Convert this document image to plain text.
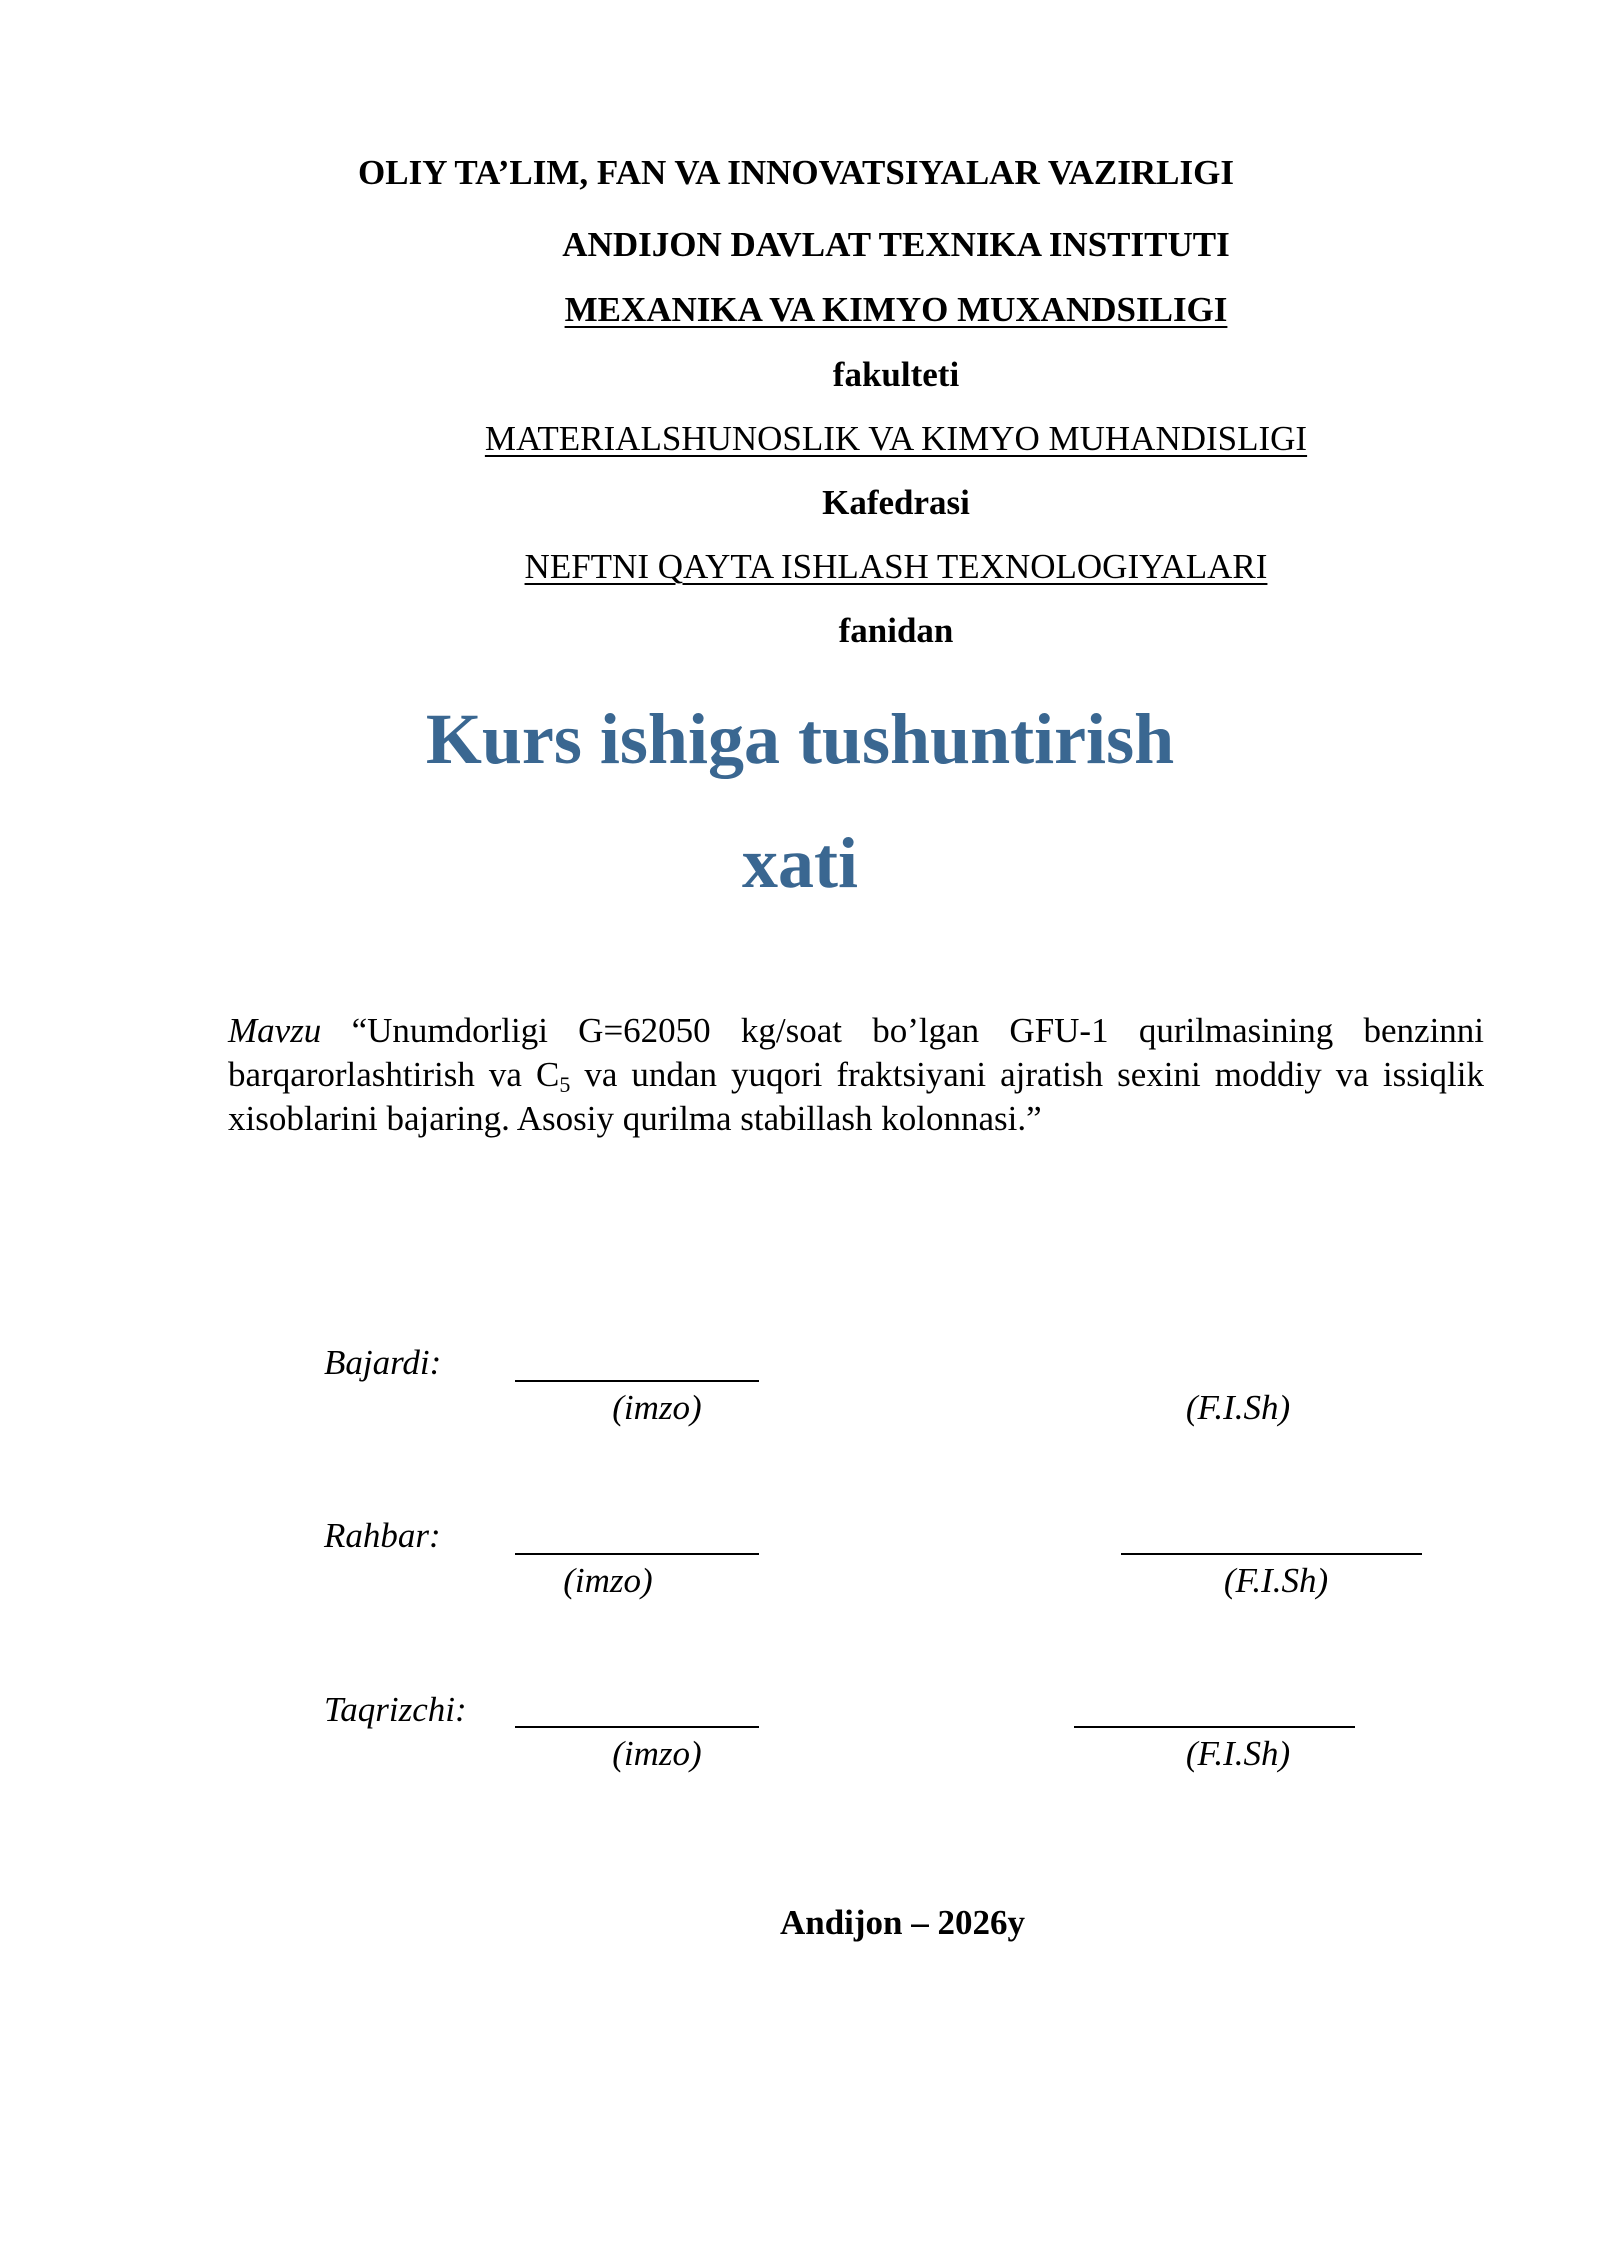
OLIY TA’LIM, FAN VA INNOVATSIYALAR VAZIRLIGI
ANDIJON DAVLAT TEXNIKA INSTITUTI
MEXANIKA VA KIMYO MUXANDSILIGI
fakulteti
MATERIALSHUNOSLIK VA KIMYO MUHANDISLIGI
Kafedrasi
NEFTNI QAYTA ISHLASH TEXNOLOGIYALARI
fanidan
Kurs ishiga tushuntirish
xati
Mavzu “Unumdorligi G=62050 kg/soat bo’lgan GFU-1 qurilmasining benzinni barqarorlashtirish va $C_5$ va undan yuqori fraktsiyani ajratish sexini moddiy va issiqlik xisoblarini bajaring. Asosiy qurilma stabillash kolonnasi.”
Bajardi:
(imzo)	(F.I.Sh)
Rahbar:
(imzo)	(F.I.Sh)
Taqrizchi:
(imzo)	(F.I.Sh)
Andijon – 2026y
